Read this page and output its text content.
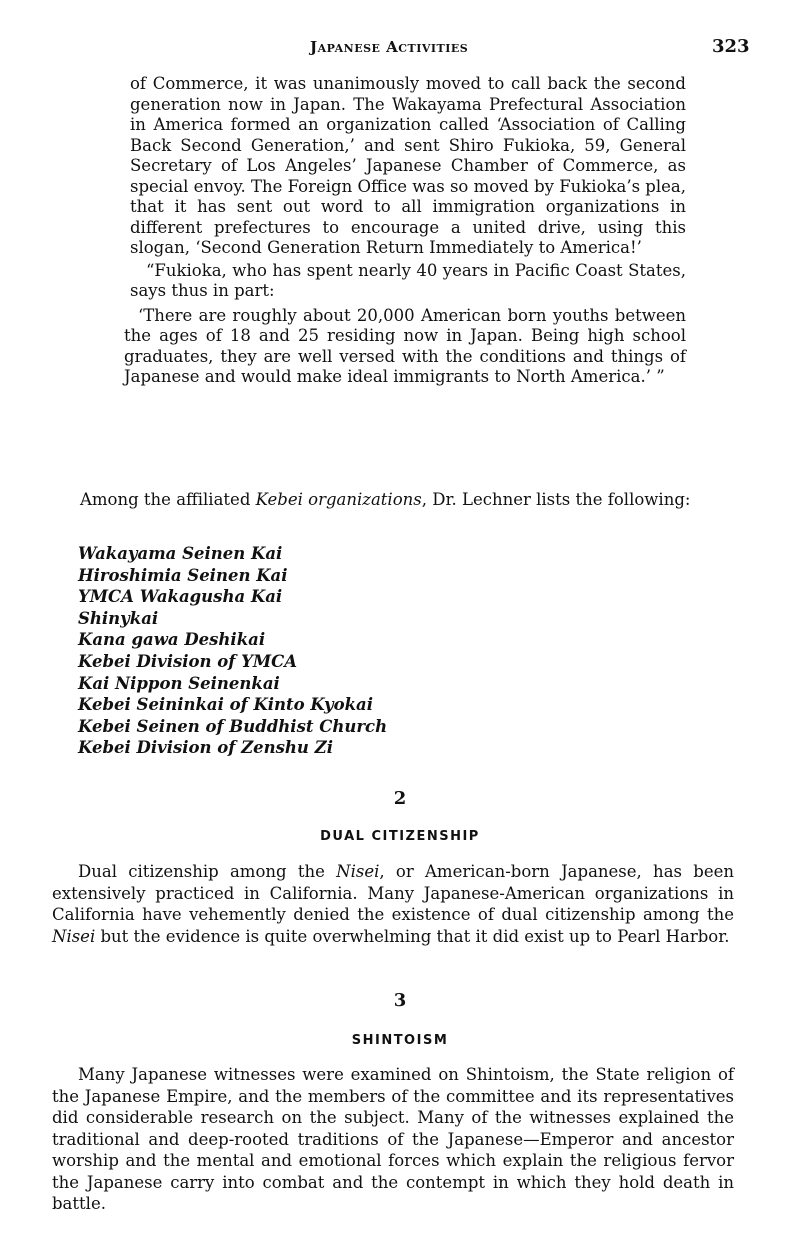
Japanese Activities	323

of Commerce, it was unanimously moved to call back the second generation now in Japan. The Wakayama Prefectural Association in America formed an organization called ‘Association of Calling Back Second Generation,’ and sent Shiro Fukioka, 59, General Secretary of Los Angeles’ Japanese Chamber of Commerce, as special envoy. The Foreign Office was so moved by Fukioka’s plea, that it has sent out word to all immigration organizations in different prefectures to encourage a united drive, using this slogan, ‘Second Generation Return Immediately to America!’

“Fukioka, who has spent nearly 40 years in Pacific Coast States, says thus in part:

‘There are roughly about 20,000 American born youths between the ages of 18 and 25 residing now in Japan. Being high school graduates, they are well versed with the conditions and things of Japanese and would make ideal immigrants to North America.’ ”

Among the affiliated Kebei organizations, Dr. Lechner lists the following:

Wakayama Seinen Kai
Hiroshimia Seinen Kai
YMCA Wakagusha Kai
Shinykai
Kana gawa Deshikai
Kebei Division of YMCA
Kai Nippon Seinenkai
Kebei Seininkai of Kinto Kyokai
Kebei Seinen of Buddhist Church
Kebei Division of Zenshu Zi
2
DUAL CITIZENSHIP

Dual citizenship among the Nisei, or American-born Japanese, has been extensively practiced in California. Many Japanese-American organizations in California have vehemently denied the existence of dual citizenship among the Nisei but the evidence is quite overwhelming that it did exist up to Pearl Harbor.

3
SHINTOISM

Many Japanese witnesses were examined on Shintoism, the State religion of the Japanese Empire, and the members of the committee and its representatives did considerable research on the subject. Many of the witnesses explained the traditional and deep-rooted traditions of the Japanese—Emperor and ancestor worship and the mental and emotional forces which explain the religious fervor the Japanese carry into combat and the contempt in which they hold death in battle.
